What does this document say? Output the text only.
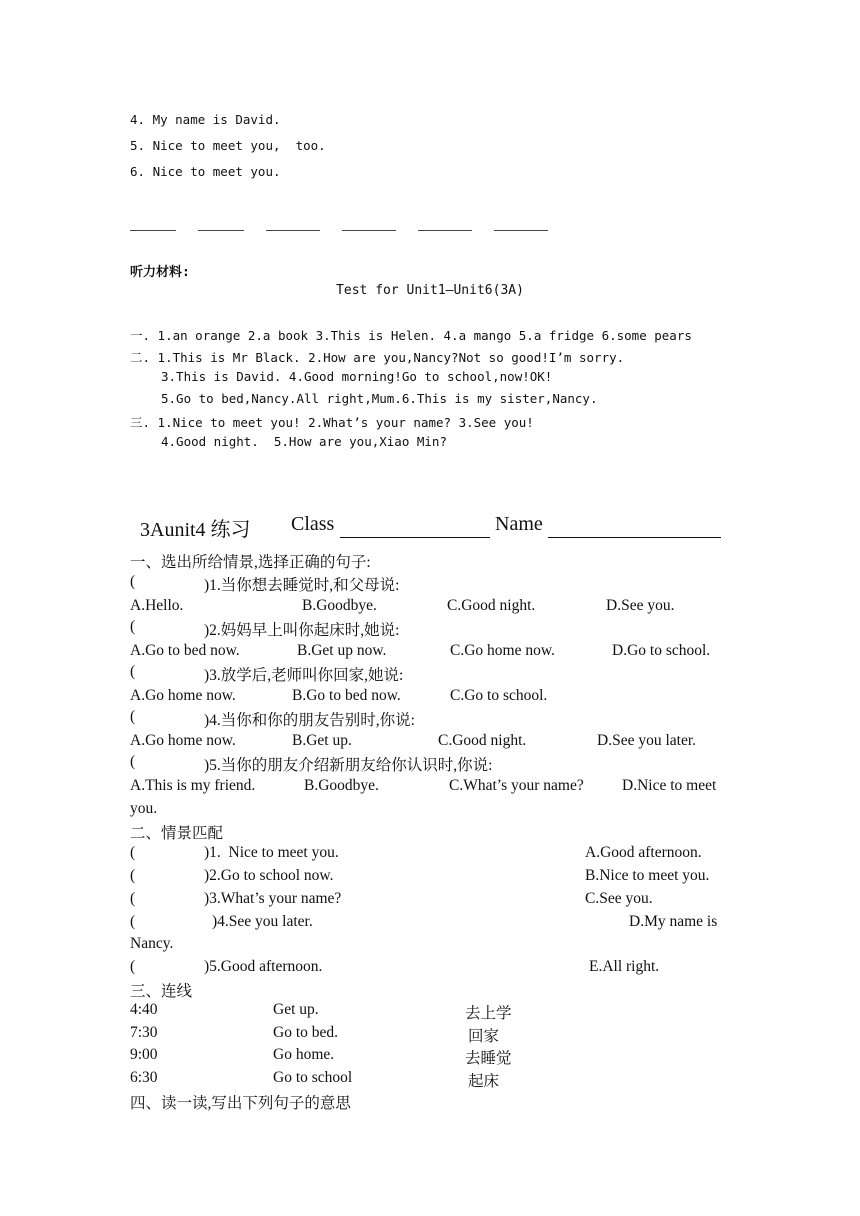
4. My name is David.
5. Nice to meet you,  too.
6. Nice to meet you.
听力材料:
Test for Unit1—Unit6(3A)
一. 1.an orange 2.a book 3.This is Helen. 4.a mango 5.a fridge 6.some pears
二. 1.This is Mr Black. 2.How are you,Nancy?Not so good!I’m sorry.
3.This is David. 4.Good morning!Go to school,now!OK!
5.Go to bed,Nancy.All right,Mum.6.This is my sister,Nancy.
三. 1.Nice to meet you! 2.What’s your name? 3.See you!
4.Good night.  5.How are you,Xiao Min?
3Aunit4 练习 Class	Name
一、选出所给情景,选择正确的句子:
(	)1.当你想去睡觉时,和父母说:
A.Hello.	B.Goodbye.	C.Good night.	D.See you.
(	)2.妈妈早上叫你起床时,她说:
A.Go to bed now.	B.Get up now.	C.Go home now.	D.Go to school.
(	)3.放学后,老师叫你回家,她说:
A.Go home now.	B.Go to bed now.	C.Go to school.
(	)4.当你和你的朋友告别时,你说:
A.Go home now.	B.Get up.	C.Good night.	D.See you later.
(	)5.当你的朋友介绍新朋友给你认识时,你说:
A.This is my friend.	B.Goodbye.	C.What’s your name? D.Nice to meet
you.
二、情景匹配
(	)1.  Nice to meet you.	A.Good afternoon.
(	)2.Go to school now.	B.Nice to meet you.
(	)3.What’s your name?	C.See you.
(	)4.See you later.	D.My name is
Nancy.
(	)5.Good afternoon.	E.All right.
三、连线
4:40	Get up.	去上学
7:30	Go to bed.	回家
9:00	Go home.	去睡觉
6:30	Go to school	起床
四、读一读,写出下列句子的意思
